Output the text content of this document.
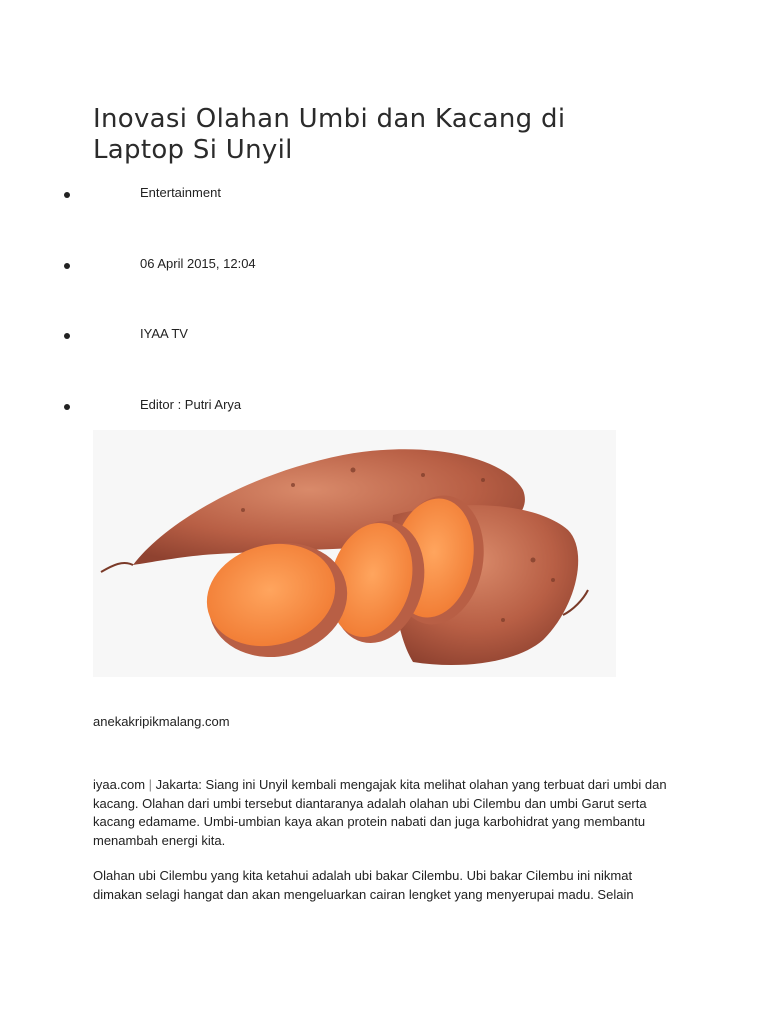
Inovasi Olahan Umbi dan Kacang di Laptop Si Unyil
Entertainment
06 April 2015, 12:04
IYAA TV
Editor : Putri Arya
anekakripikmalang.com

iyaa.com | Jakarta: Siang ini Unyil kembali mengajak kita melihat olahan yang terbuat dari umbi dan kacang. Olahan dari umbi tersebut diantaranya adalah olahan ubi Cilembu dan umbi Garut serta kacang edamame. Umbi-umbian kaya akan protein nabati dan juga karbohidrat yang membantu menambah energi kita.

Olahan ubi Cilembu yang kita ketahui adalah ubi bakar Cilembu. Ubi bakar Cilembu ini nikmat dimakan selagi hangat dan akan mengeluarkan cairan lengket yang menyerupai madu. Selain
